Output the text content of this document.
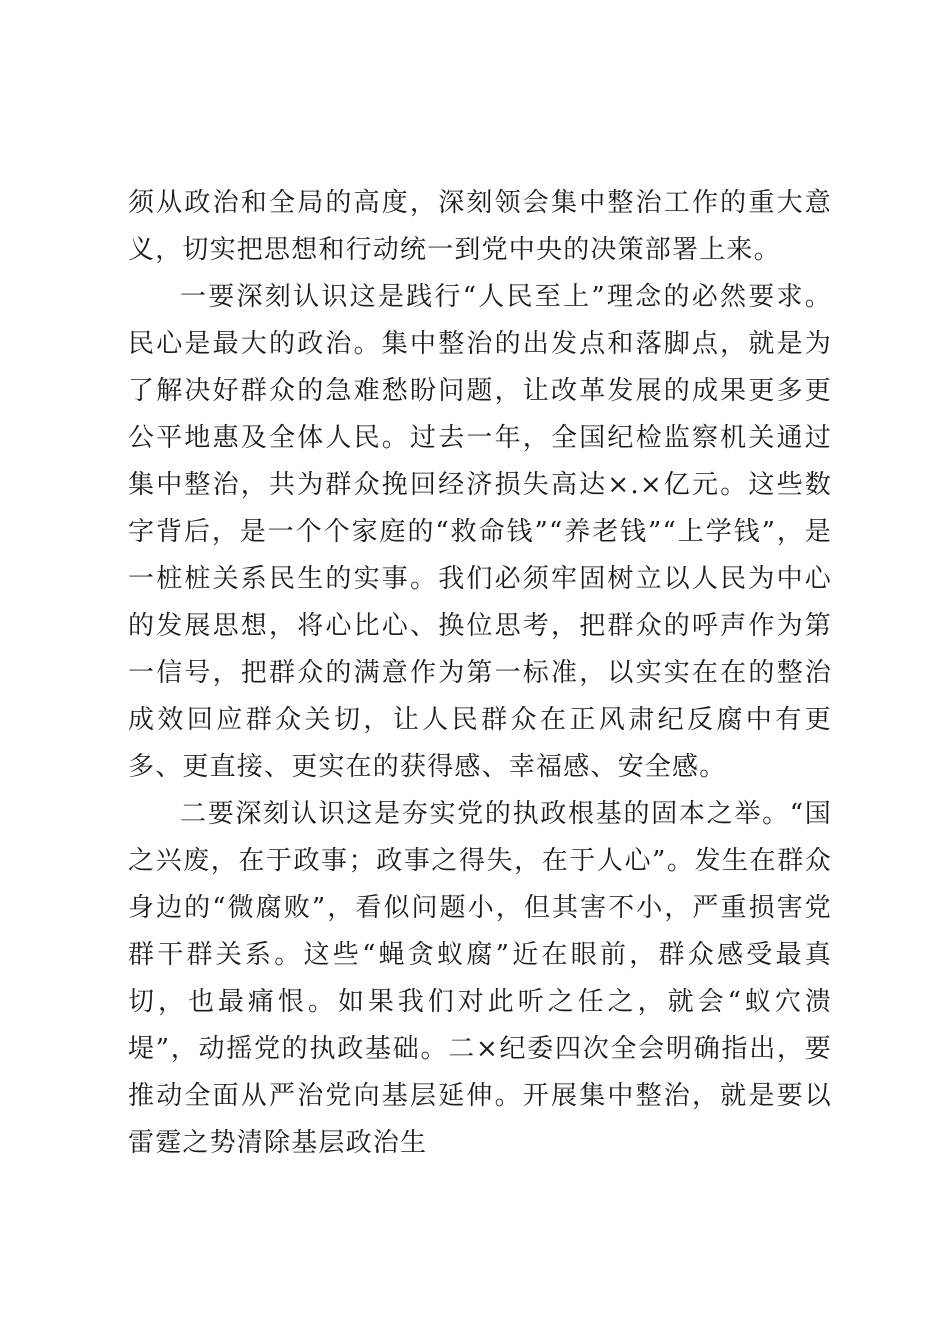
须从政治和全局的高度，深刻领会集中整治工作的重大意义，切实把思想和行动统一到党中央的决策部署上来。

一要深刻认识这是践行“人民至上”理念的必然要求。民心是最大的政治。集中整治的出发点和落脚点，就是为了解决好群众的急难愁盼问题，让改革发展的成果更多更公平地惠及全体人民。过去一年，全国纪检监察机关通过集中整治，共为群众挽回经济损失高达×.×亿元。这些数字背后，是一个个家庭的“救命钱”“养老钱”“上学钱”，是一桩桩关系民生的实事。我们必须牢固树立以人民为中心的发展思想，将心比心、换位思考，把群众的呼声作为第一信号，把群众的满意作为第一标准，以实实在在的整治成效回应群众关切，让人民群众在正风肃纪反腐中有更多、更直接、更实在的获得感、幸福感、安全感。

二要深刻认识这是夯实党的执政根基的固本之举。“国之兴废，在于政事；政事之得失，在于人心”。发生在群众身边的“微腐败”，看似问题小，但其害不小，严重损害党群干群关系。这些“蝇贪蚁腐”近在眼前，群众感受最真切，也最痛恨。如果我们对此听之任之，就会“蚁穴溃堤”，动摇党的执政基础。二×纪委四次全会明确指出，要推动全面从严治党向基层延伸。开展集中整治，就是要以雷霆之势清除基层政治生
